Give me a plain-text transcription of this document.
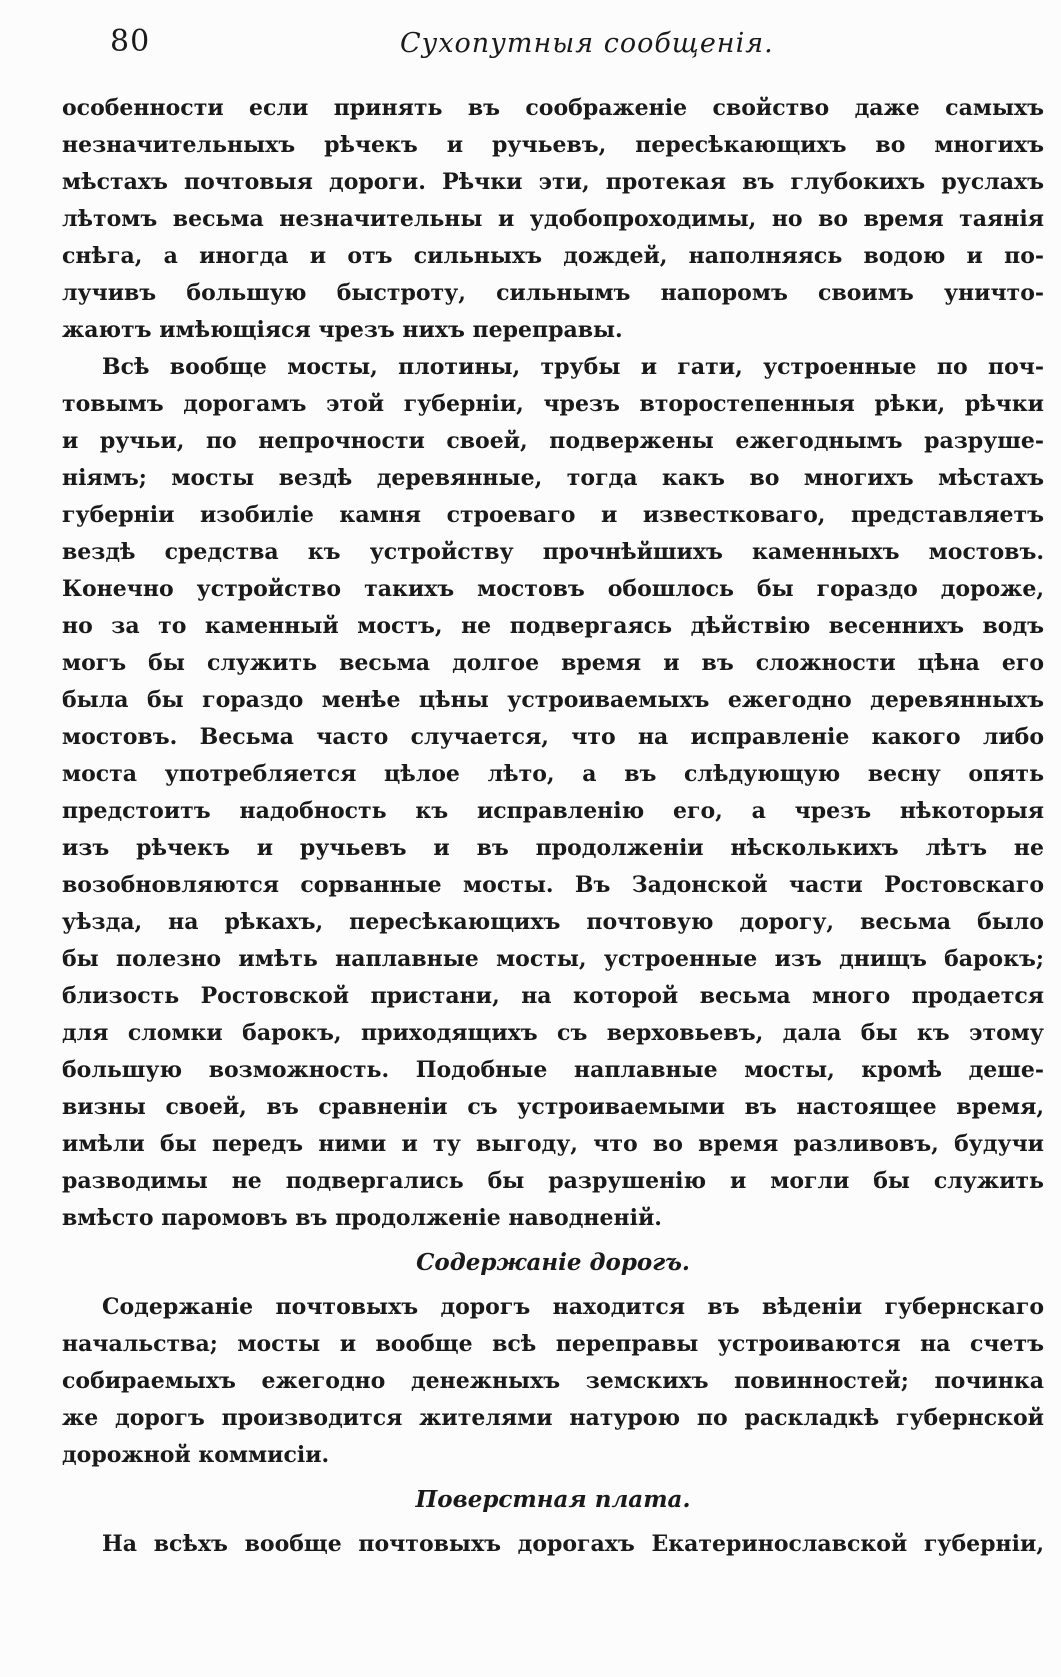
80	Сухопутныя сообщенія.
особенности если принять въ соображеніе свойство даже самыхъ
незначительныхъ рѣчекъ и ручьевъ, пересѣкающихъ во многихъ
мѣстахъ почтовыя дороги. Рѣчки эти, протекая въ глубокихъ руслахъ
лѣтомъ весьма незначительны и удобопроходимы, но во время таянія
снѣга, а иногда и отъ сильныхъ дождей, наполняясь водою и по-
лучивъ большую быстроту, сильнымъ напоромъ своимъ уничто-
жаютъ имѣющіяся чрезъ нихъ переправы.
Всѣ вообще мосты, плотины, трубы и гати, устроенные по поч-
товымъ дорогамъ этой губерніи, чрезъ второстепенныя рѣки, рѣчки
и ручьи, по непрочности своей, подвержены ежегоднымъ разруше-
ніямъ; мосты вездѣ деревянные, тогда какъ во многихъ мѣстахъ
губерніи изобиліе камня строеваго и известковаго, представляетъ
вездѣ средства къ устройству прочнѣйшихъ каменныхъ мостовъ.
Конечно устройство такихъ мостовъ обошлось бы гораздо дороже,
но за то каменный мостъ, не подвергаясь дѣйствію весеннихъ водъ
могъ бы служить весьма долгое время и въ сложности цѣна его
была бы гораздо менѣе цѣны устроиваемыхъ ежегодно деревянныхъ
мостовъ. Весьма часто случается, что на исправленіе какого либо
моста употребляется цѣлое лѣто, а въ слѣдующую весну опять
предстоитъ надобность къ исправленію его, а чрезъ нѣкоторыя
изъ рѣчекъ и ручьевъ и въ продолженіи нѣсколькихъ лѣтъ не
возобновляются сорванные мосты. Въ Задонской части Ростовскаго
уѣзда, на рѣкахъ, пересѣкающихъ почтовую дорогу, весьма было
бы полезно имѣть наплавные мосты, устроенные изъ днищъ барокъ;
близость Ростовской пристани, на которой весьма много продается
для сломки барокъ, приходящихъ съ верховьевъ, дала бы къ этому
большую возможность. Подобные наплавные мосты, кромѣ деше-
визны своей, въ сравненіи съ устроиваемыми въ настоящее время,
имѣли бы передъ ними и ту выгоду, что во время разливовъ, будучи
разводимы не подвергались бы разрушенію и могли бы служить
вмѣсто паромовъ въ продолженіе наводненій.
Содержаніе дорогъ.
Содержаніе почтовыхъ дорогъ находится въ вѣденіи губернскаго
начальства; мосты и вообще всѣ переправы устроиваются на счетъ
собираемыхъ ежегодно денежныхъ земскихъ повинностей; починка
же дорогъ производится жителями натурою по раскладкѣ губернской
дорожной коммисіи.
Поверстная плата.
На всѣхъ вообще почтовыхъ дорогахъ Екатеринославской губерніи,
